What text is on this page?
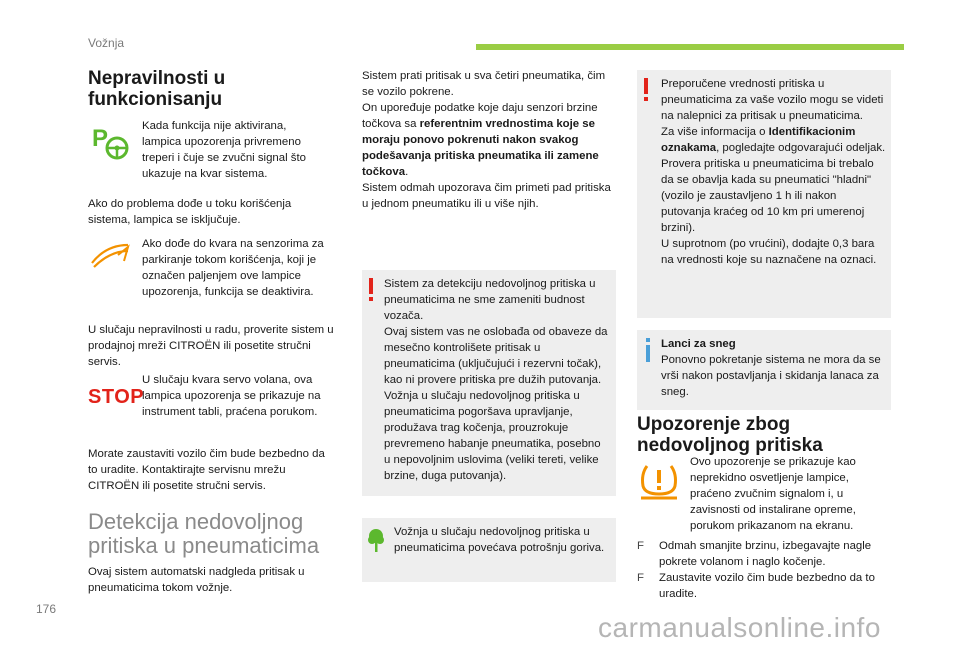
Vožnja
Nepravilnosti u funkcionisanju
P	Kada funkcija nije aktivirana, lampica upozorenja privremeno treperi i čuje se zvučni signal što ukazuje na kvar sistema.
Ako do problema dođe u toku korišćenja sistema, lampica se isključuje.
Ako dođe do kvara na senzorima za parkiranje tokom korišćenja, koji je označen paljenjem ove lampice upozorenja, funkcija se deaktivira.
U slučaju nepravilnosti u radu, proverite sistem u prodajnoj mreži CITROËN ili posetite stručni servis.
STOP
U slučaju kvara servo volana, ova lampica upozorenja se prikazuje na instrument tabli, praćena porukom.
Morate zaustaviti vozilo čim bude bezbedno da to uradite. Kontaktirajte servisnu mrežu CITROËN ili posetite stručni servis.
Detekcija nedovoljnog pritiska u pneumaticima
Ovaj sistem automatski nadgleda pritisak u pneumaticima tokom vožnje.
Sistem prati pritisak u sva četiri pneumatika, čim se vozilo pokrene.
On upoređuje podatke koje daju senzori brzine točkova sa referentnim vrednostima koje se moraju ponovo pokrenuti nakon svakog podešavanja pritiska pneumatika ili zamene točkova.
Sistem odmah upozorava čim primeti pad pritiska u jednom pneumatiku ili u više njih.
Sistem za detekciju nedovoljnog pritiska u pneumaticima ne sme zameniti budnost vozača.
Ovaj sistem vas ne oslobađa od obaveze da mesečno kontrolišete pritisak u pneumaticima (uključujući i rezervni točak), kao ni provere pritiska pre dužih putovanja.
Vožnja u slučaju nedovoljnog pritiska u pneumaticima pogoršava upravljanje, produžava trag kočenja, prouzrokuje prevremeno habanje pneumatika, posebno u nepovoljnim uslovima (veliki tereti, velike brzine, duga putovanja).
Vožnja u slučaju nedovoljnog pritiska u pneumaticima povećava potrošnju goriva.
Preporučene vrednosti pritiska u pneumaticima za vaše vozilo mogu se videti na nalepnici za pritisak u pneumaticima.
Za više informacija o Identifikacionim oznakama, pogledajte odgovarajući odeljak.
Provera pritiska u pneumaticima bi trebalo da se obavlja kada su pneumatici "hladni" (vozilo je zaustavljeno 1 h ili nakon putovanja kraćeg od 10 km pri umerenoj brzini).
U suprotnom (po vrućini), dodajte 0,3 bara na vrednosti koje su naznačene na oznaci.
Lanci za sneg
Ponovno pokretanje sistema ne mora da se vrši nakon postavljanja i skidanja lanaca za sneg.
Upozorenje zbog nedovoljnog pritiska
Ovo upozorenje se prikazuje kao neprekidno osvetljenje lampice, praćeno zvučnim signalom i, u zavisnosti od instalirane opreme, porukom prikazanom na ekranu.
F Odmah smanjite brzinu, izbegavajte nagle pokrete volanom i naglo kočenje.
F Zaustavite vozilo čim bude bezbedno da to uradite.
176
carmanualsonline.info
